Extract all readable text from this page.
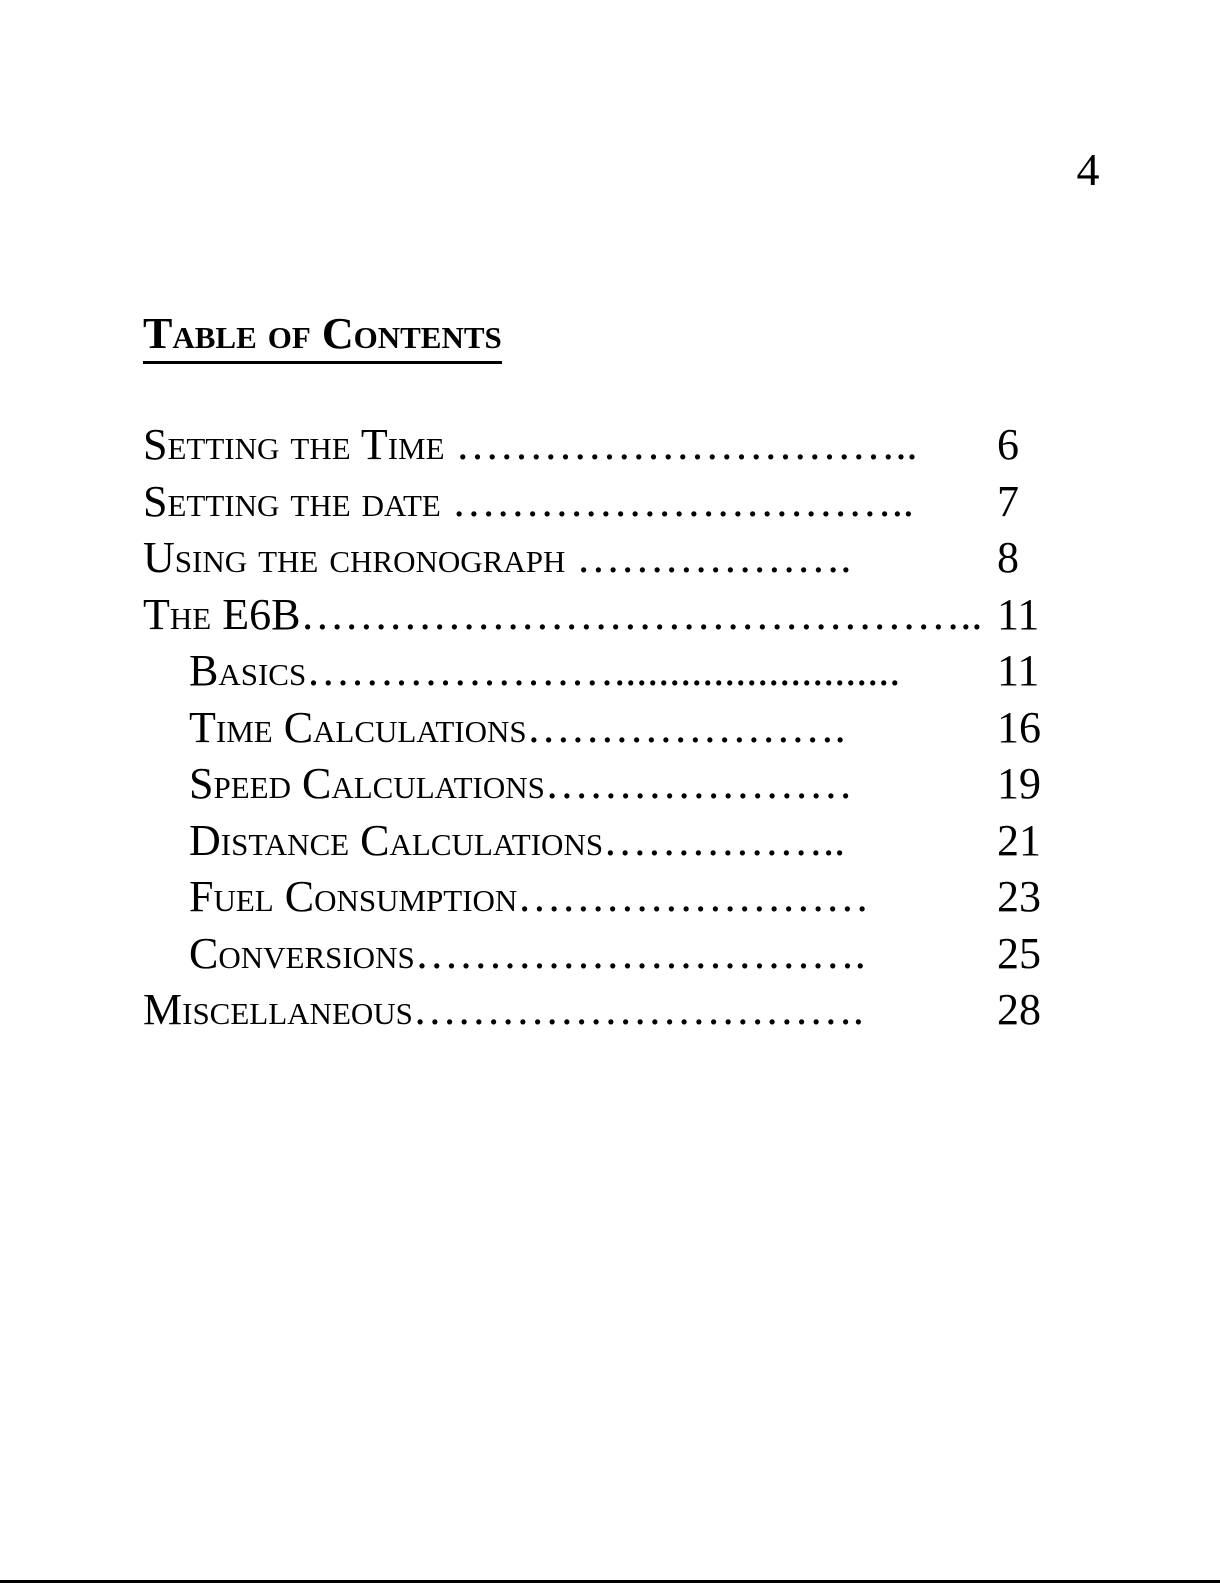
4
Table of Contents
Setting the Time ………………………….. 6
Setting the date ………………………….. 7
Using the chronograph ……………….	8
The E6B……………………………………….. 11
Basics………………….......................... 11
Time Calculations………………….	16
Speed Calculations…………………	19
Distance Calculations……………..	21
Fuel Consumption……………………	23
Conversions………………………….	25
Miscellaneous………………………….	28
